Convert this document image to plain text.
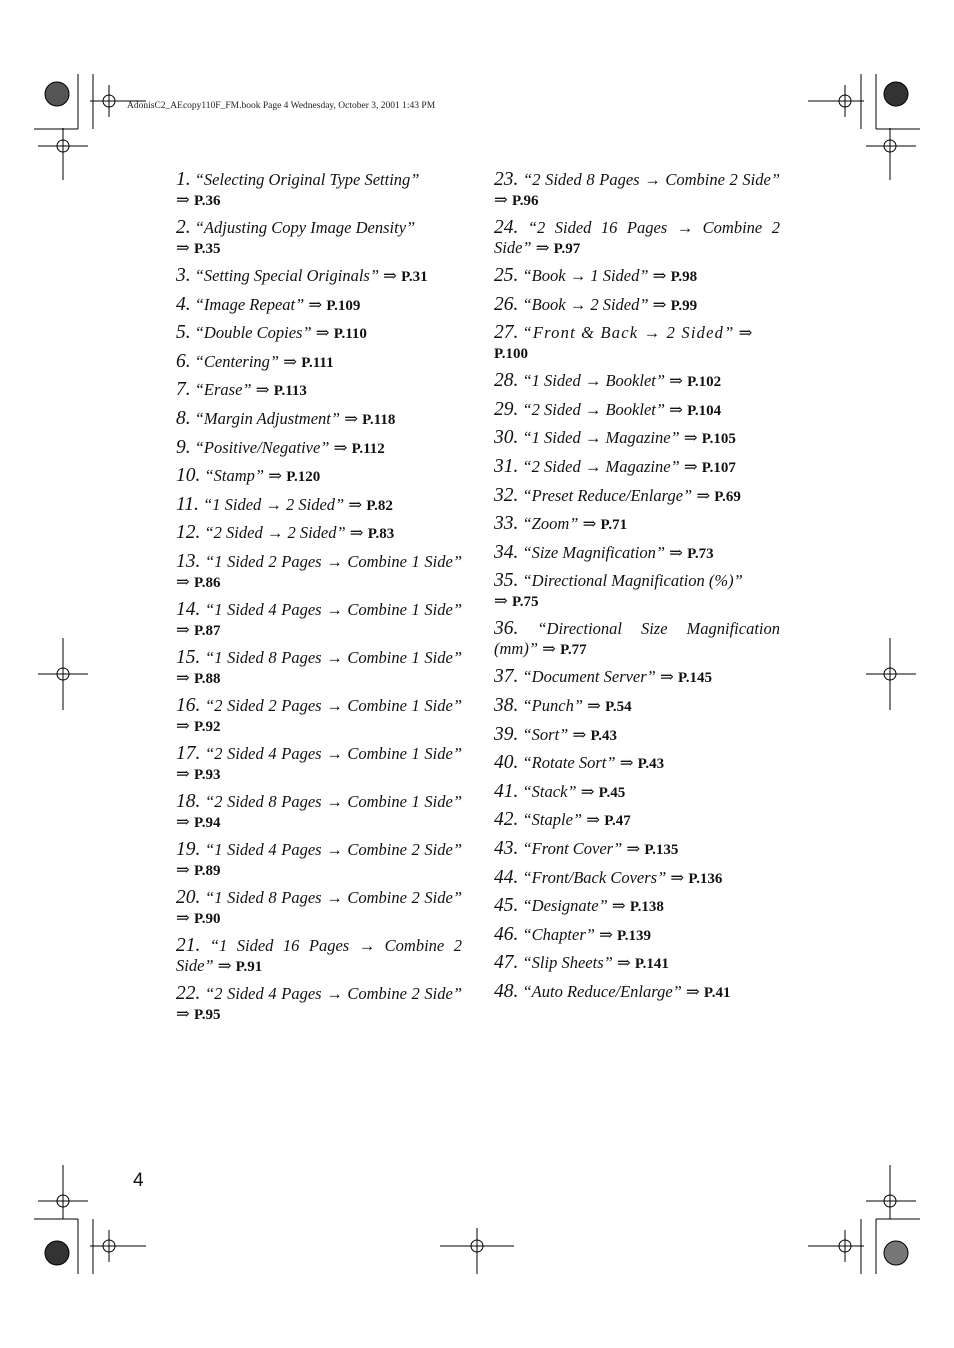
AdonisC2_AEcopy110F_FM.book Page 4 Wednesday, October 3, 2001 1:43 PM
1. “Selecting Original Type Setting”
⇒ P.36
2. “Adjusting Copy Image Density”
⇒ P.35
3. “Setting Special Originals” ⇒ P.31
4. “Image Repeat” ⇒ P.109
5. “Double Copies” ⇒ P.110
6. “Centering” ⇒ P.111
7. “Erase” ⇒ P.113
8. “Margin Adjustment” ⇒ P.118
9. “Positive/Negative” ⇒ P.112
10. “Stamp” ⇒ P.120
11. “1 Sided → 2 Sided” ⇒ P.82
12. “2 Sided → 2 Sided” ⇒ P.83
13. “1 Sided 2 Pages → Combine 1 Side” ⇒ P.86
14. “1 Sided 4 Pages → Combine 1 Side” ⇒ P.87
15. “1 Sided 8 Pages → Combine 1 Side” ⇒ P.88
16. “2 Sided 2 Pages → Combine 1 Side” ⇒ P.92
17. “2 Sided 4 Pages → Combine 1 Side” ⇒ P.93
18. “2 Sided 8 Pages → Combine 1 Side” ⇒ P.94
19. “1 Sided 4 Pages → Combine 2 Side” ⇒ P.89
20. “1 Sided 8 Pages → Combine 2 Side” ⇒ P.90
21. “1 Sided 16 Pages → Combine 2 Side” ⇒ P.91
22. “2 Sided 4 Pages → Combine 2 Side” ⇒ P.95
23. “2 Sided 8 Pages → Combine 2 Side” ⇒ P.96
24. “2 Sided 16 Pages → Combine 2 Side” ⇒ P.97
25. “Book → 1 Sided” ⇒ P.98
26. “Book → 2 Sided” ⇒ P.99
27. “Front & Back → 2 Sided” ⇒
P.100
28. “1 Sided → Booklet” ⇒ P.102
29. “2 Sided → Booklet” ⇒ P.104
30. “1 Sided → Magazine” ⇒ P.105
31. “2 Sided → Magazine” ⇒ P.107
32. “Preset Reduce/Enlarge” ⇒ P.69
33. “Zoom” ⇒ P.71
34. “Size Magnification” ⇒ P.73
35. “Directional Magnification (%)”
⇒ P.75
36. “Directional Size Magnification (mm)” ⇒ P.77
37. “Document Server” ⇒ P.145
38. “Punch” ⇒ P.54
39. “Sort” ⇒ P.43
40. “Rotate Sort” ⇒ P.43
41. “Stack” ⇒ P.45
42. “Staple” ⇒ P.47
43. “Front Cover” ⇒ P.135
44. “Front/Back Covers” ⇒ P.136
45. “Designate” ⇒ P.138
46. “Chapter” ⇒ P.139
47. “Slip Sheets” ⇒ P.141
48. “Auto Reduce/Enlarge” ⇒ P.41
4
